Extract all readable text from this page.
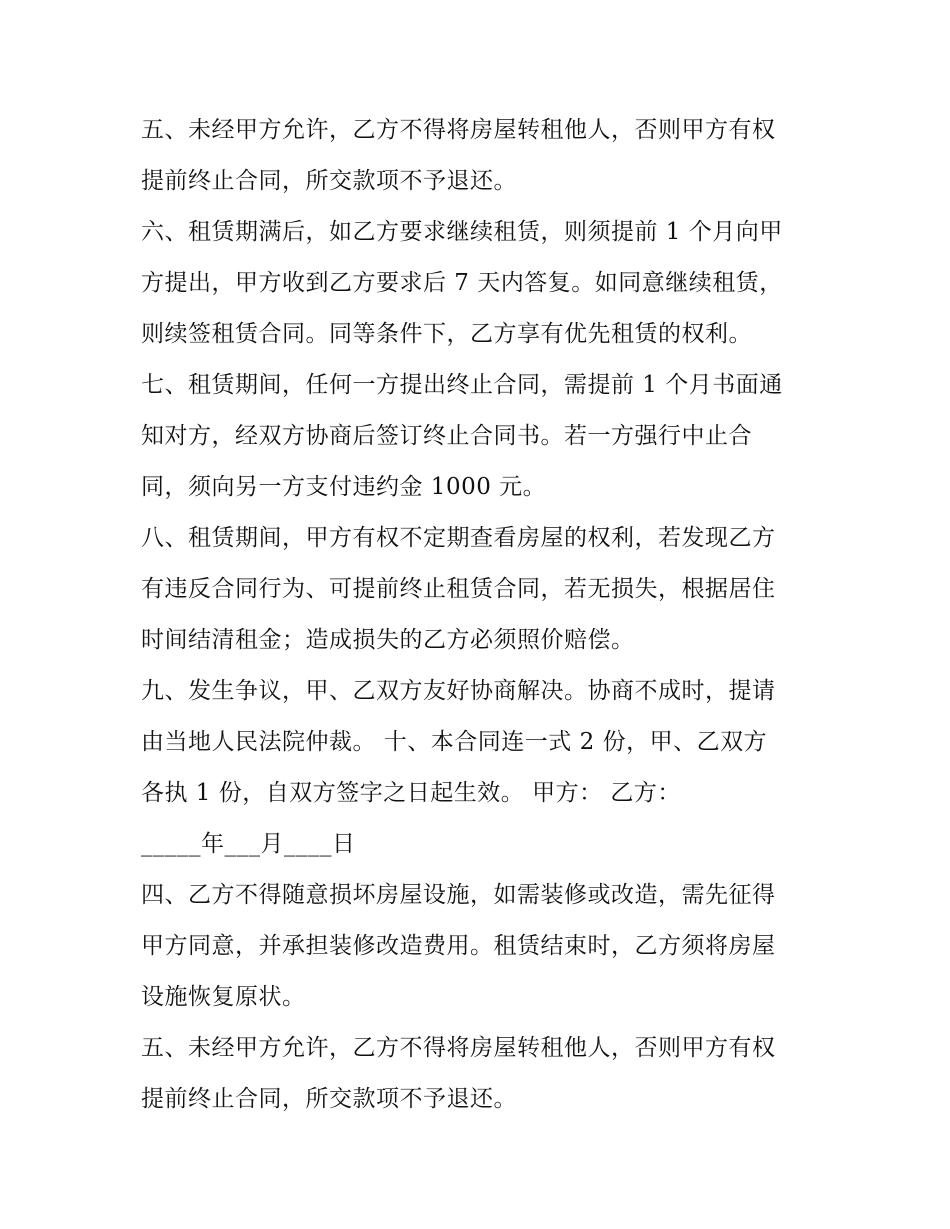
五、未经甲方允许，乙方不得将房屋转租他人，否则甲方有权
提前终止合同，所交款项不予退还。
六、租赁期满后，如乙方要求继续租赁，则须提前 1 个月向甲
方提出，甲方收到乙方要求后 7 天内答复。如同意继续租赁，
则续签租赁合同。同等条件下，乙方享有优先租赁的权利。
七、租赁期间，任何一方提出终止合同，需提前 1 个月书面通
知对方，经双方协商后签订终止合同书。若一方强行中止合
同，须向另一方支付违约金 1000 元。
八、租赁期间，甲方有权不定期查看房屋的权利，若发现乙方
有违反合同行为、可提前终止租赁合同，若无损失，根据居住
时间结清租金；造成损失的乙方必须照价赔偿。
九、发生争议，甲、乙双方友好协商解决。协商不成时，提请
由当地人民法院仲裁。 十、本合同连一式 2 份，甲、乙双方
各执 1 份，自双方签字之日起生效。 甲方： 乙方：
_____年___月____日
四、乙方不得随意损坏房屋设施，如需装修或改造，需先征得
甲方同意，并承担装修改造费用。租赁结束时，乙方须将房屋
设施恢复原状。
五、未经甲方允许，乙方不得将房屋转租他人，否则甲方有权
提前终止合同，所交款项不予退还。
